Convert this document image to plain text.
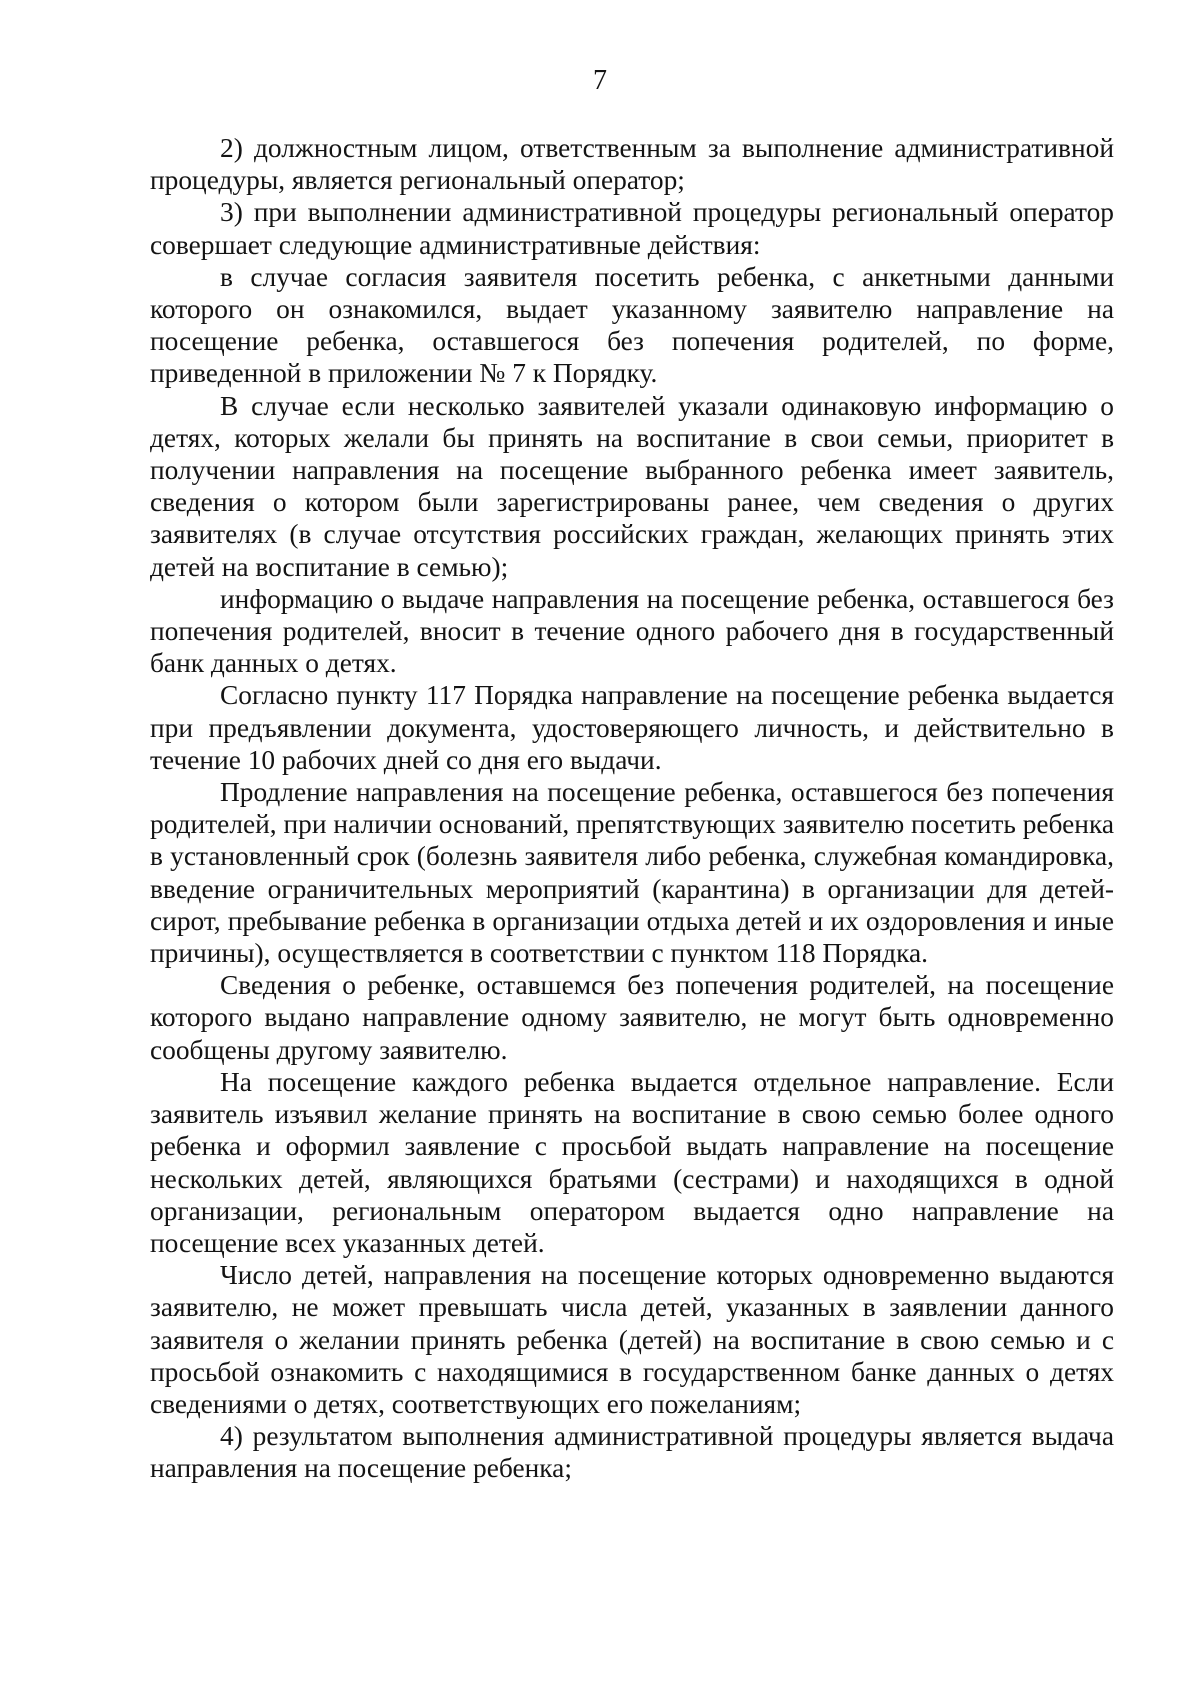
7

2) должностным лицом, ответственным за выполнение административной процедуры, является региональный оператор;

3) при выполнении административной процедуры региональный оператор совершает следующие административные действия:

в случае согласия заявителя посетить ребенка, с анкетными данными которого он ознакомился, выдает указанному заявителю направление на посещение ребенка, оставшегося без попечения родителей, по форме, приведенной в приложении № 7 к Порядку.

В случае если несколько заявителей указали одинаковую информацию о детях, которых желали бы принять на воспитание в свои семьи, приоритет в получении направления на посещение выбранного ребенка имеет заявитель, сведения о котором были зарегистрированы ранее, чем сведения о других заявителях (в случае отсутствия российских граждан, желающих принять этих детей на воспитание в семью);

информацию о выдаче направления на посещение ребенка, оставшегося без попечения родителей, вносит в течение одного рабочего дня в государственный банк данных о детях.

Согласно пункту 117 Порядка направление на посещение ребенка выдается при предъявлении документа, удостоверяющего личность, и действительно в течение 10 рабочих дней со дня его выдачи.

Продление направления на посещение ребенка, оставшегося без попечения родителей, при наличии оснований, препятствующих заявителю посетить ребенка в установленный срок (болезнь заявителя либо ребенка, служебная командировка, введение ограничительных мероприятий (карантина) в организации для детей-сирот, пребывание ребенка в организации отдыха детей и их оздоровления и иные причины), осуществляется в соответствии с пунктом 118 Порядка.

Сведения о ребенке, оставшемся без попечения родителей, на посещение которого выдано направление одному заявителю, не могут быть одновременно сообщены другому заявителю.

На посещение каждого ребенка выдается отдельное направление. Если заявитель изъявил желание принять на воспитание в свою семью более одного ребенка и оформил заявление с просьбой выдать направление на посещение нескольких детей, являющихся братьями (сестрами) и находящихся в одной организации, региональным оператором выдается одно направление на посещение всех указанных детей.

Число детей, направления на посещение которых одновременно выдаются заявителю, не может превышать числа детей, указанных в заявлении данного заявителя о желании принять ребенка (детей) на воспитание в свою семью и с просьбой ознакомить с находящимися в государственном банке данных о детях сведениями о детях, соответствующих его пожеланиям;

4) результатом выполнения административной процедуры является выдача направления на посещение ребенка;
